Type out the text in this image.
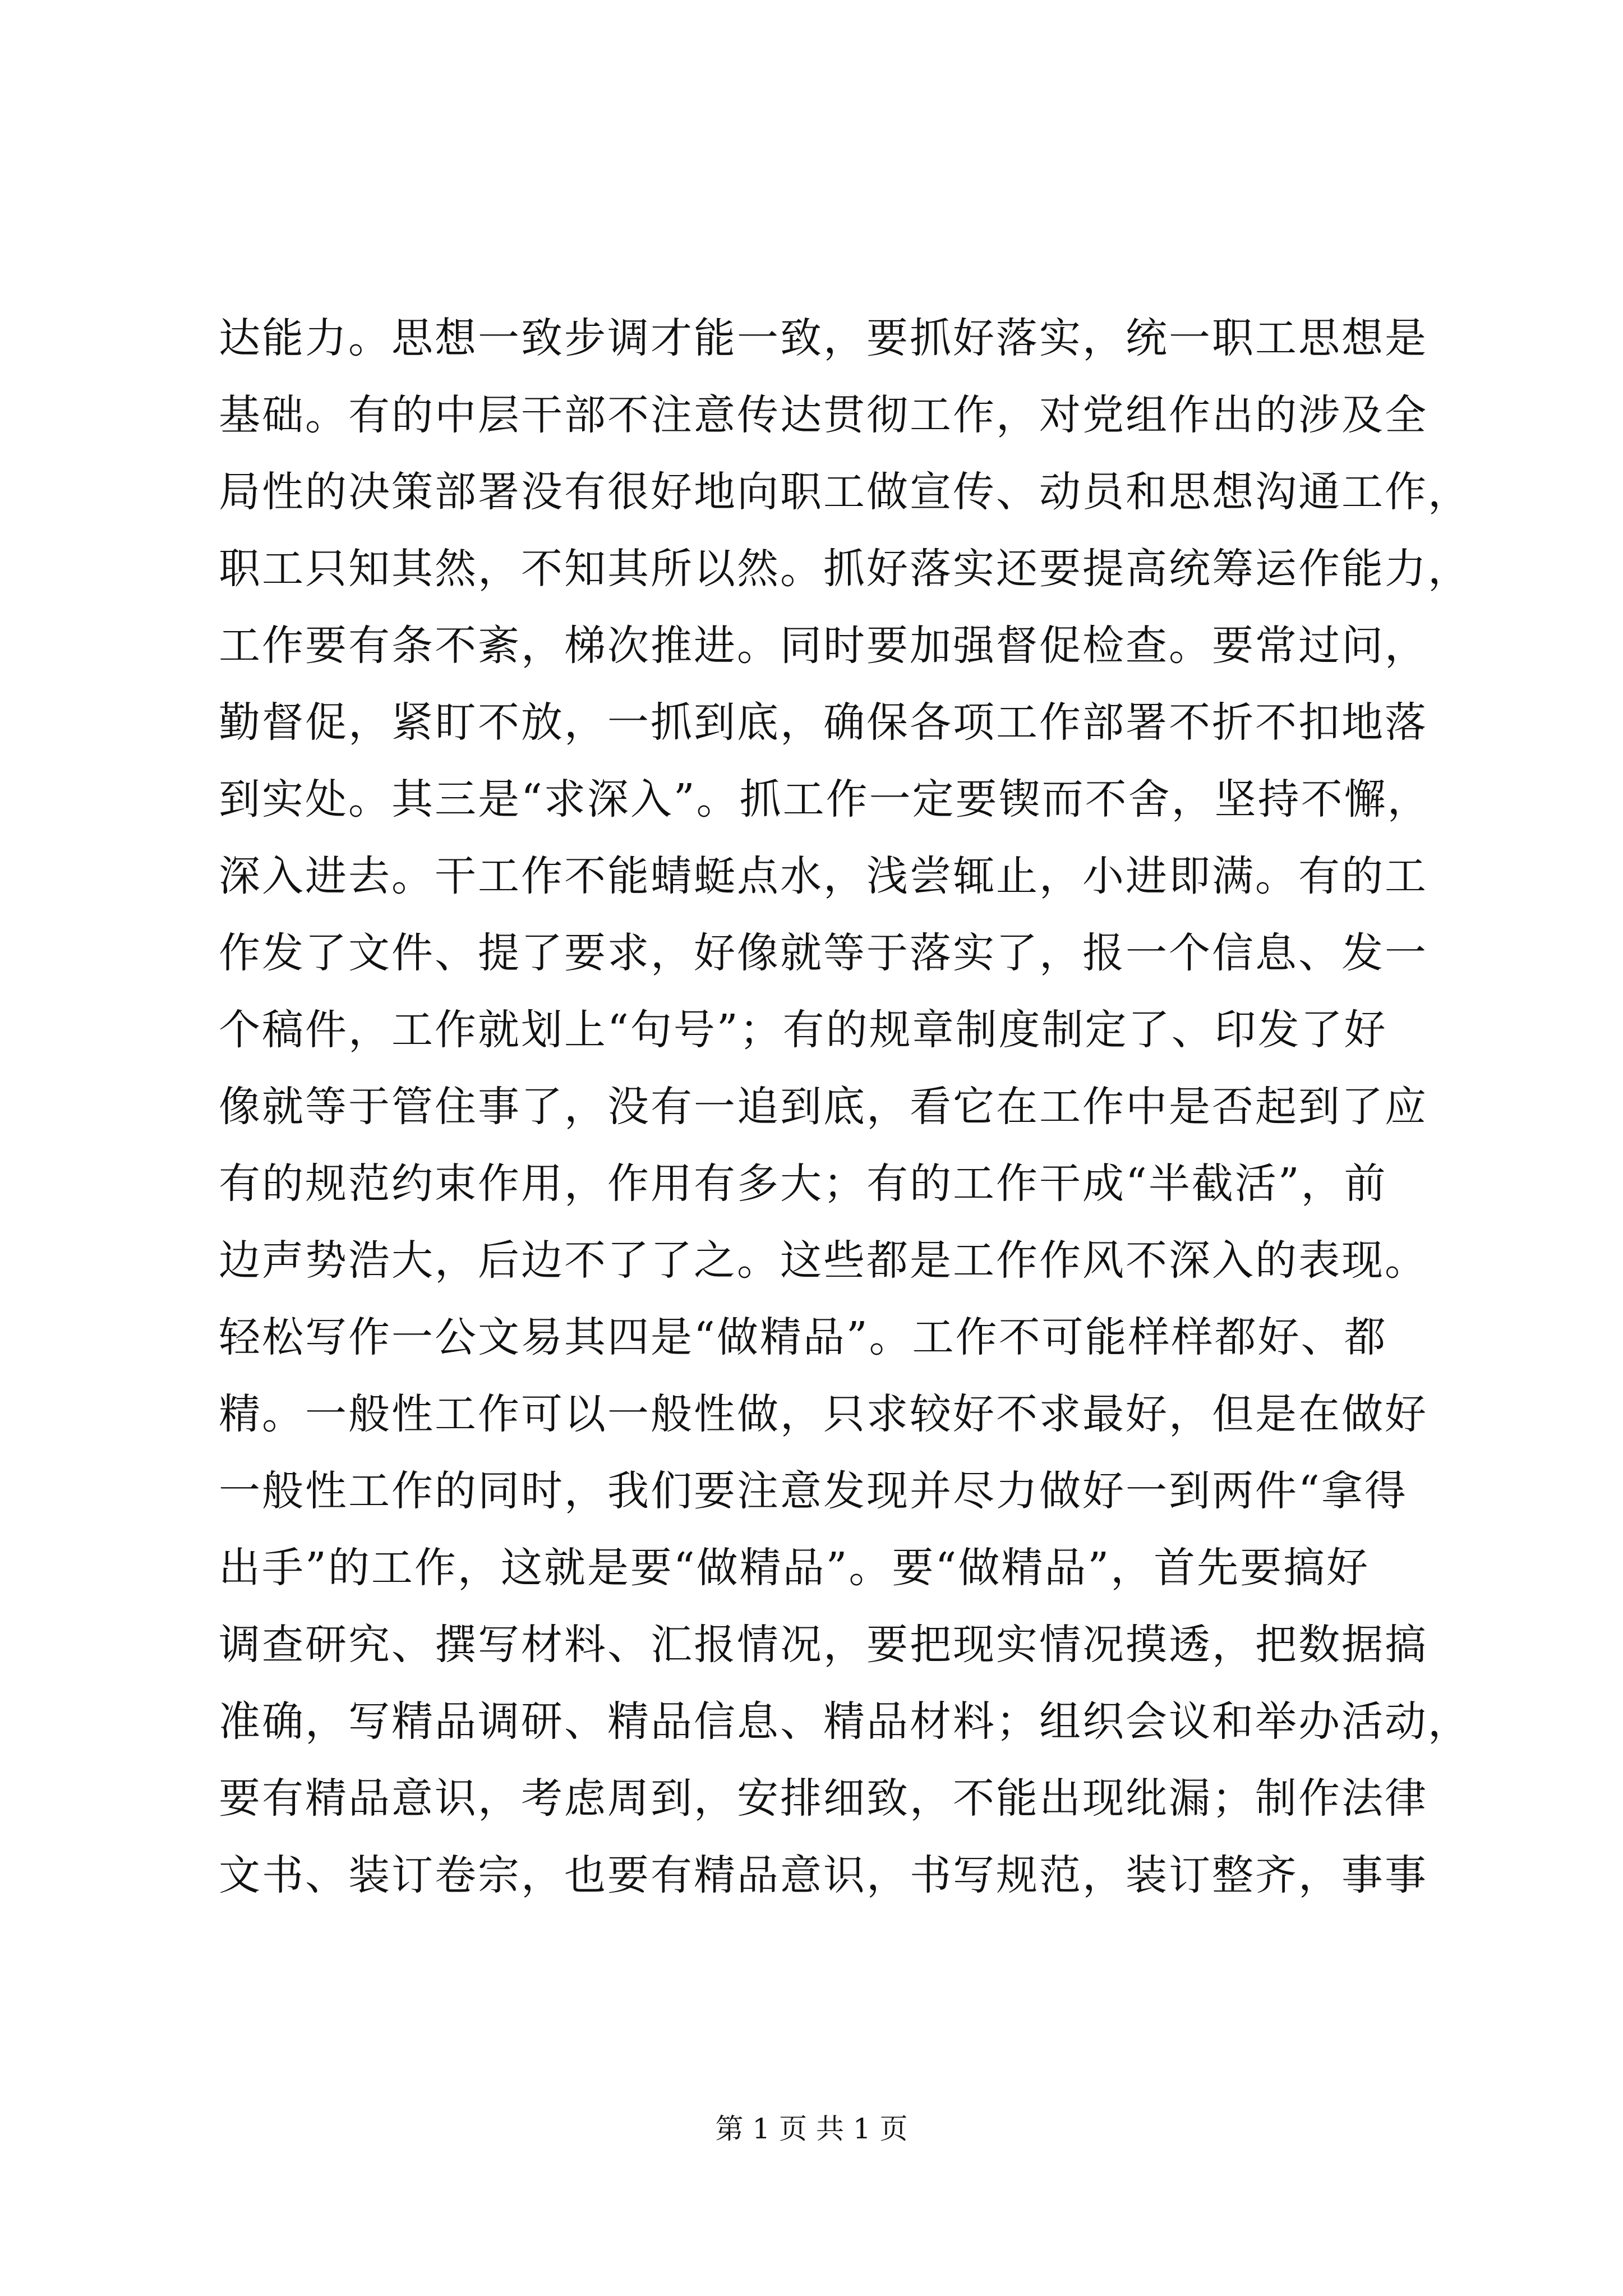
达能力。思想一致步调才能一致，要抓好落实，统一职工思想是
基础。有的中层干部不注意传达贯彻工作，对党组作出的涉及全
局性的决策部署没有很好地向职工做宣传、动员和思想沟通工作，
职工只知其然，不知其所以然。抓好落实还要提高统筹运作能力，
工作要有条不紊，梯次推进。同时要加强督促检查。要常过问，
勤督促，紧盯不放，一抓到底，确保各项工作部署不折不扣地落
到实处。其三是“求深入”。抓工作一定要锲而不舍，坚持不懈，
深入进去。干工作不能蜻蜓点水，浅尝辄止，小进即满。有的工
作发了文件、提了要求，好像就等于落实了，报一个信息、发一
个稿件，工作就划上“句号”；有的规章制度制定了、印发了好
像就等于管住事了，没有一追到底，看它在工作中是否起到了应
有的规范约束作用，作用有多大；有的工作干成“半截活”，前
边声势浩大，后边不了了之。这些都是工作作风不深入的表现。
轻松写作一公文易其四是“做精品”。工作不可能样样都好、都
精。一般性工作可以一般性做，只求较好不求最好，但是在做好
一般性工作的同时，我们要注意发现并尽力做好一到两件“拿得
出手”的工作，这就是要“做精品”。要“做精品”，首先要搞好
调查研究、撰写材料、汇报情况，要把现实情况摸透，把数据搞
准确，写精品调研、精品信息、精品材料；组织会议和举办活动，
要有精品意识，考虑周到，安排细致，不能出现纰漏；制作法律
文书、装订卷宗，也要有精品意识，书写规范，装订整齐，事事
第 1 页 共 1 页
